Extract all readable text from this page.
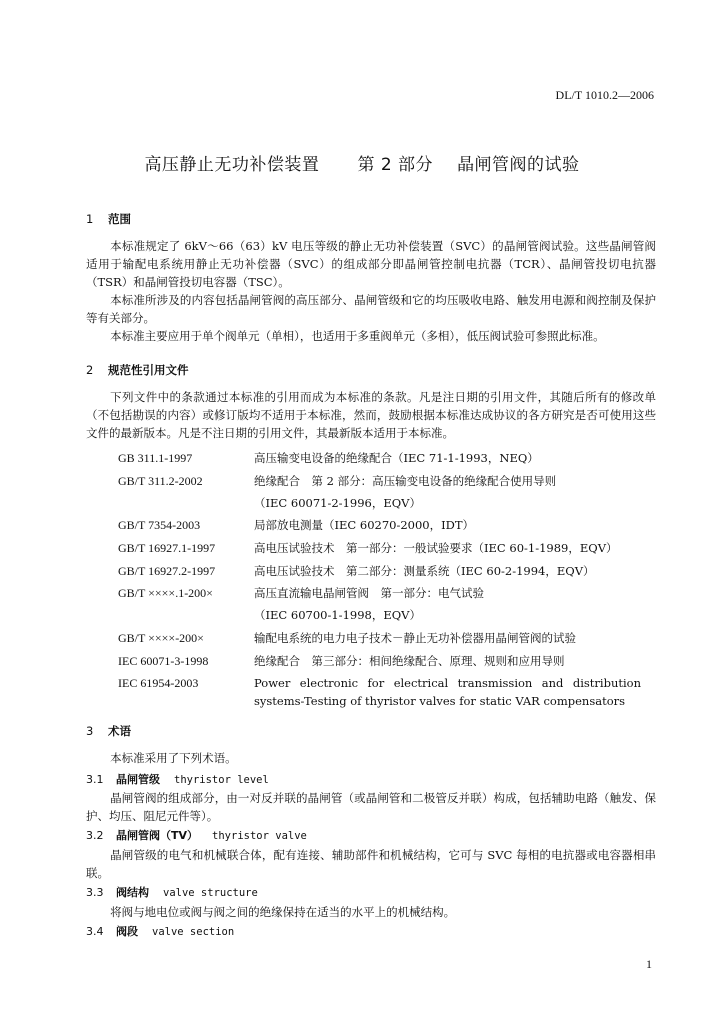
DL/T 1010.2—2006
高压静止无功补偿装置 第 2 部分 晶闸管阀的试验
1 范围
本标准规定了 6kV～66（63）kV 电压等级的静止无功补偿装置（SVC）的晶闸管阀试验。这些晶闸管阀适用于输配电系统用静止无功补偿器（SVC）的组成部分即晶闸管控制电抗器（TCR）、晶闸管投切电抗器（TSR）和晶闸管投切电容器（TSC）。
本标准所涉及的内容包括晶闸管阀的高压部分、晶闸管级和它的均压吸收电路、触发用电源和阀控制及保护等有关部分。
本标准主要应用于单个阀单元（单相），也适用于多重阀单元（多相），低压阀试验可参照此标准。
2 规范性引用文件
下列文件中的条款通过本标准的引用而成为本标准的条款。凡是注日期的引用文件，其随后所有的修改单（不包括勘误的内容）或修订版均不适用于本标准，然而，鼓励根据本标准达成协议的各方研究是否可使用这些文件的最新版本。凡是不注日期的引用文件，其最新版本适用于本标准。
GB 311.1-1997	高压输变电设备的绝缘配合（IEC 71-1-1993，NEQ）
GB/T 311.2-2002	绝缘配合　第 2 部分：高压输变电设备的绝缘配合使用导则
（IEC 60071-2-1996，EQV）
GB/T 7354-2003	局部放电测量（IEC 60270-2000，IDT）
GB/T 16927.1-1997	高电压试验技术　第一部分：一般试验要求（IEC 60-1-1989，EQV）
GB/T 16927.2-1997	高电压试验技术　第二部分：测量系统（IEC 60-2-1994，EQV）
GB/T ××××.1-200×	高压直流输电晶闸管阀　第一部分：电气试验
（IEC 60700-1-1998，EQV）
GB/T ××××-200×	输配电系统的电力电子技术－静止无功补偿器用晶闸管阀的试验
IEC 60071-3-1998	绝缘配合　第三部分：相间绝缘配合、原理、规则和应用导则
IEC 61954-2003	Power electronic for electrical transmission and distribution systems-Testing of thyristor valves for static VAR compensators
3 术语
本标准采用了下列术语。
3.1 晶闸管级 thyristor level
晶闸管阀的组成部分，由一对反并联的晶闸管（或晶闸管和二极管反并联）构成，包括辅助电路（触发、保护、均压、阻尼元件等）。
3.2 晶闸管阀（TV） thyristor valve
晶闸管级的电气和机械联合体，配有连接、辅助部件和机械结构，它可与 SVC 每相的电抗器或电容器相串联。
3.3 阀结构 valve structure
将阀与地电位或阀与阀之间的绝缘保持在适当的水平上的机械结构。
3.4 阀段 valve section
1
